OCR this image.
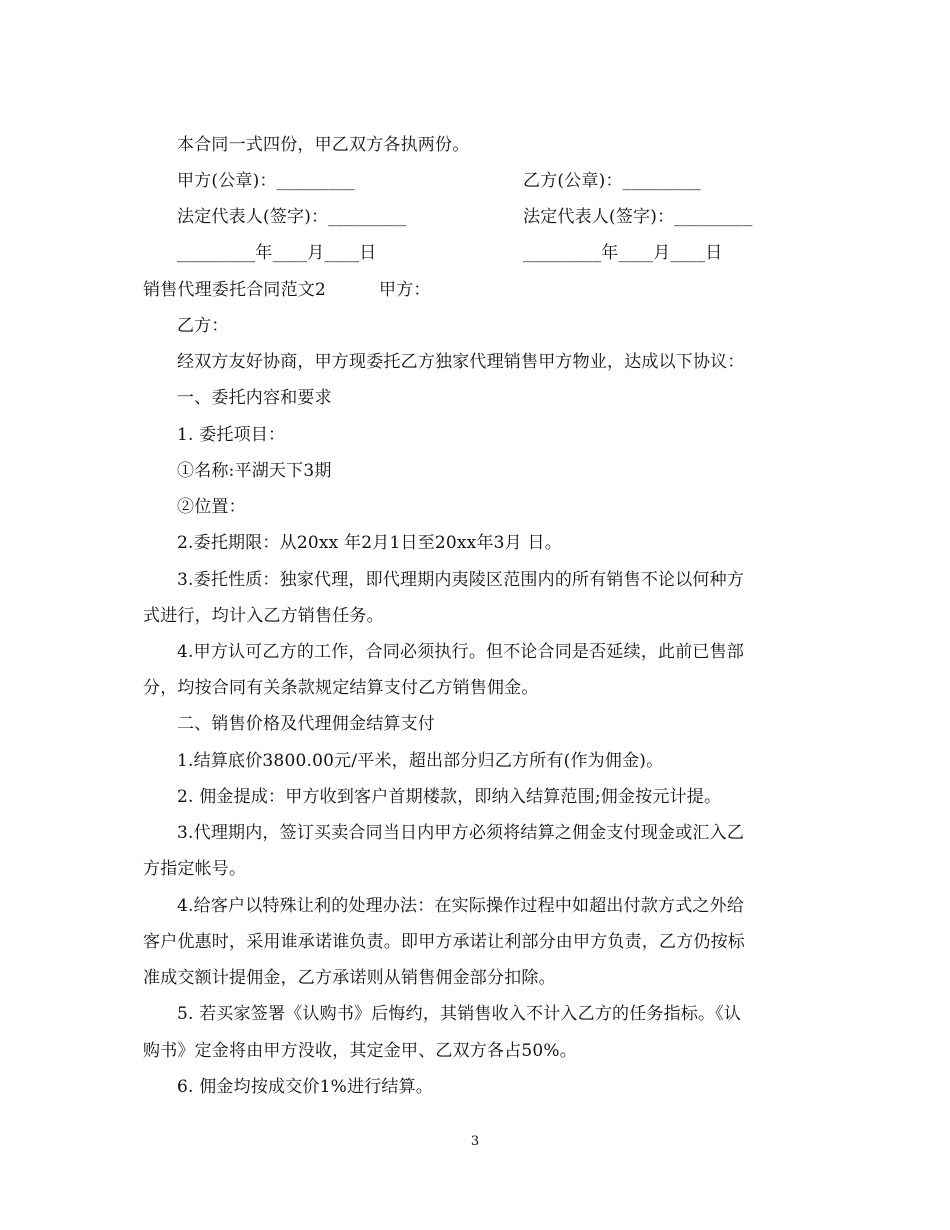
本合同一式四份，甲乙双方各执两份。
甲方(公章)：_________	乙方(公章)：_________
法定代表人(签字)：_________	法定代表人(签字)：_________
_________年____月____日	_________年____月____日
销售代理委托合同范文2	甲方：
乙方：
经双方友好协商，甲方现委托乙方独家代理销售甲方物业，达成以下协议：
一、委托内容和要求
1. 委托项目：
①名称:平湖天下3期
②位置：
2.委托期限：从20xx 年2月1日至20xx年3月 日。
3.委托性质：独家代理，即代理期内夷陵区范围内的所有销售不论以何种方
式进行，均计入乙方销售任务。
4.甲方认可乙方的工作，合同必须执行。但不论合同是否延续，此前已售部
分，均按合同有关条款规定结算支付乙方销售佣金。
二、销售价格及代理佣金结算支付
1.结算底价3800.00元/平米，超出部分归乙方所有(作为佣金)。
2. 佣金提成：甲方收到客户首期楼款，即纳入结算范围;佣金按元计提。
3.代理期内，签订买卖合同当日内甲方必须将结算之佣金支付现金或汇入乙
方指定帐号。
4.给客户以特殊让利的处理办法：在实际操作过程中如超出付款方式之外给
客户优惠时，采用谁承诺谁负责。即甲方承诺让利部分由甲方负责，乙方仍按标
准成交额计提佣金，乙方承诺则从销售佣金部分扣除。
5. 若买家签署《认购书》后悔约，其销售收入不计入乙方的任务指标。《认
购书》定金将由甲方没收，其定金甲、乙双方各占50%。
6. 佣金均按成交价1%进行结算。
3
